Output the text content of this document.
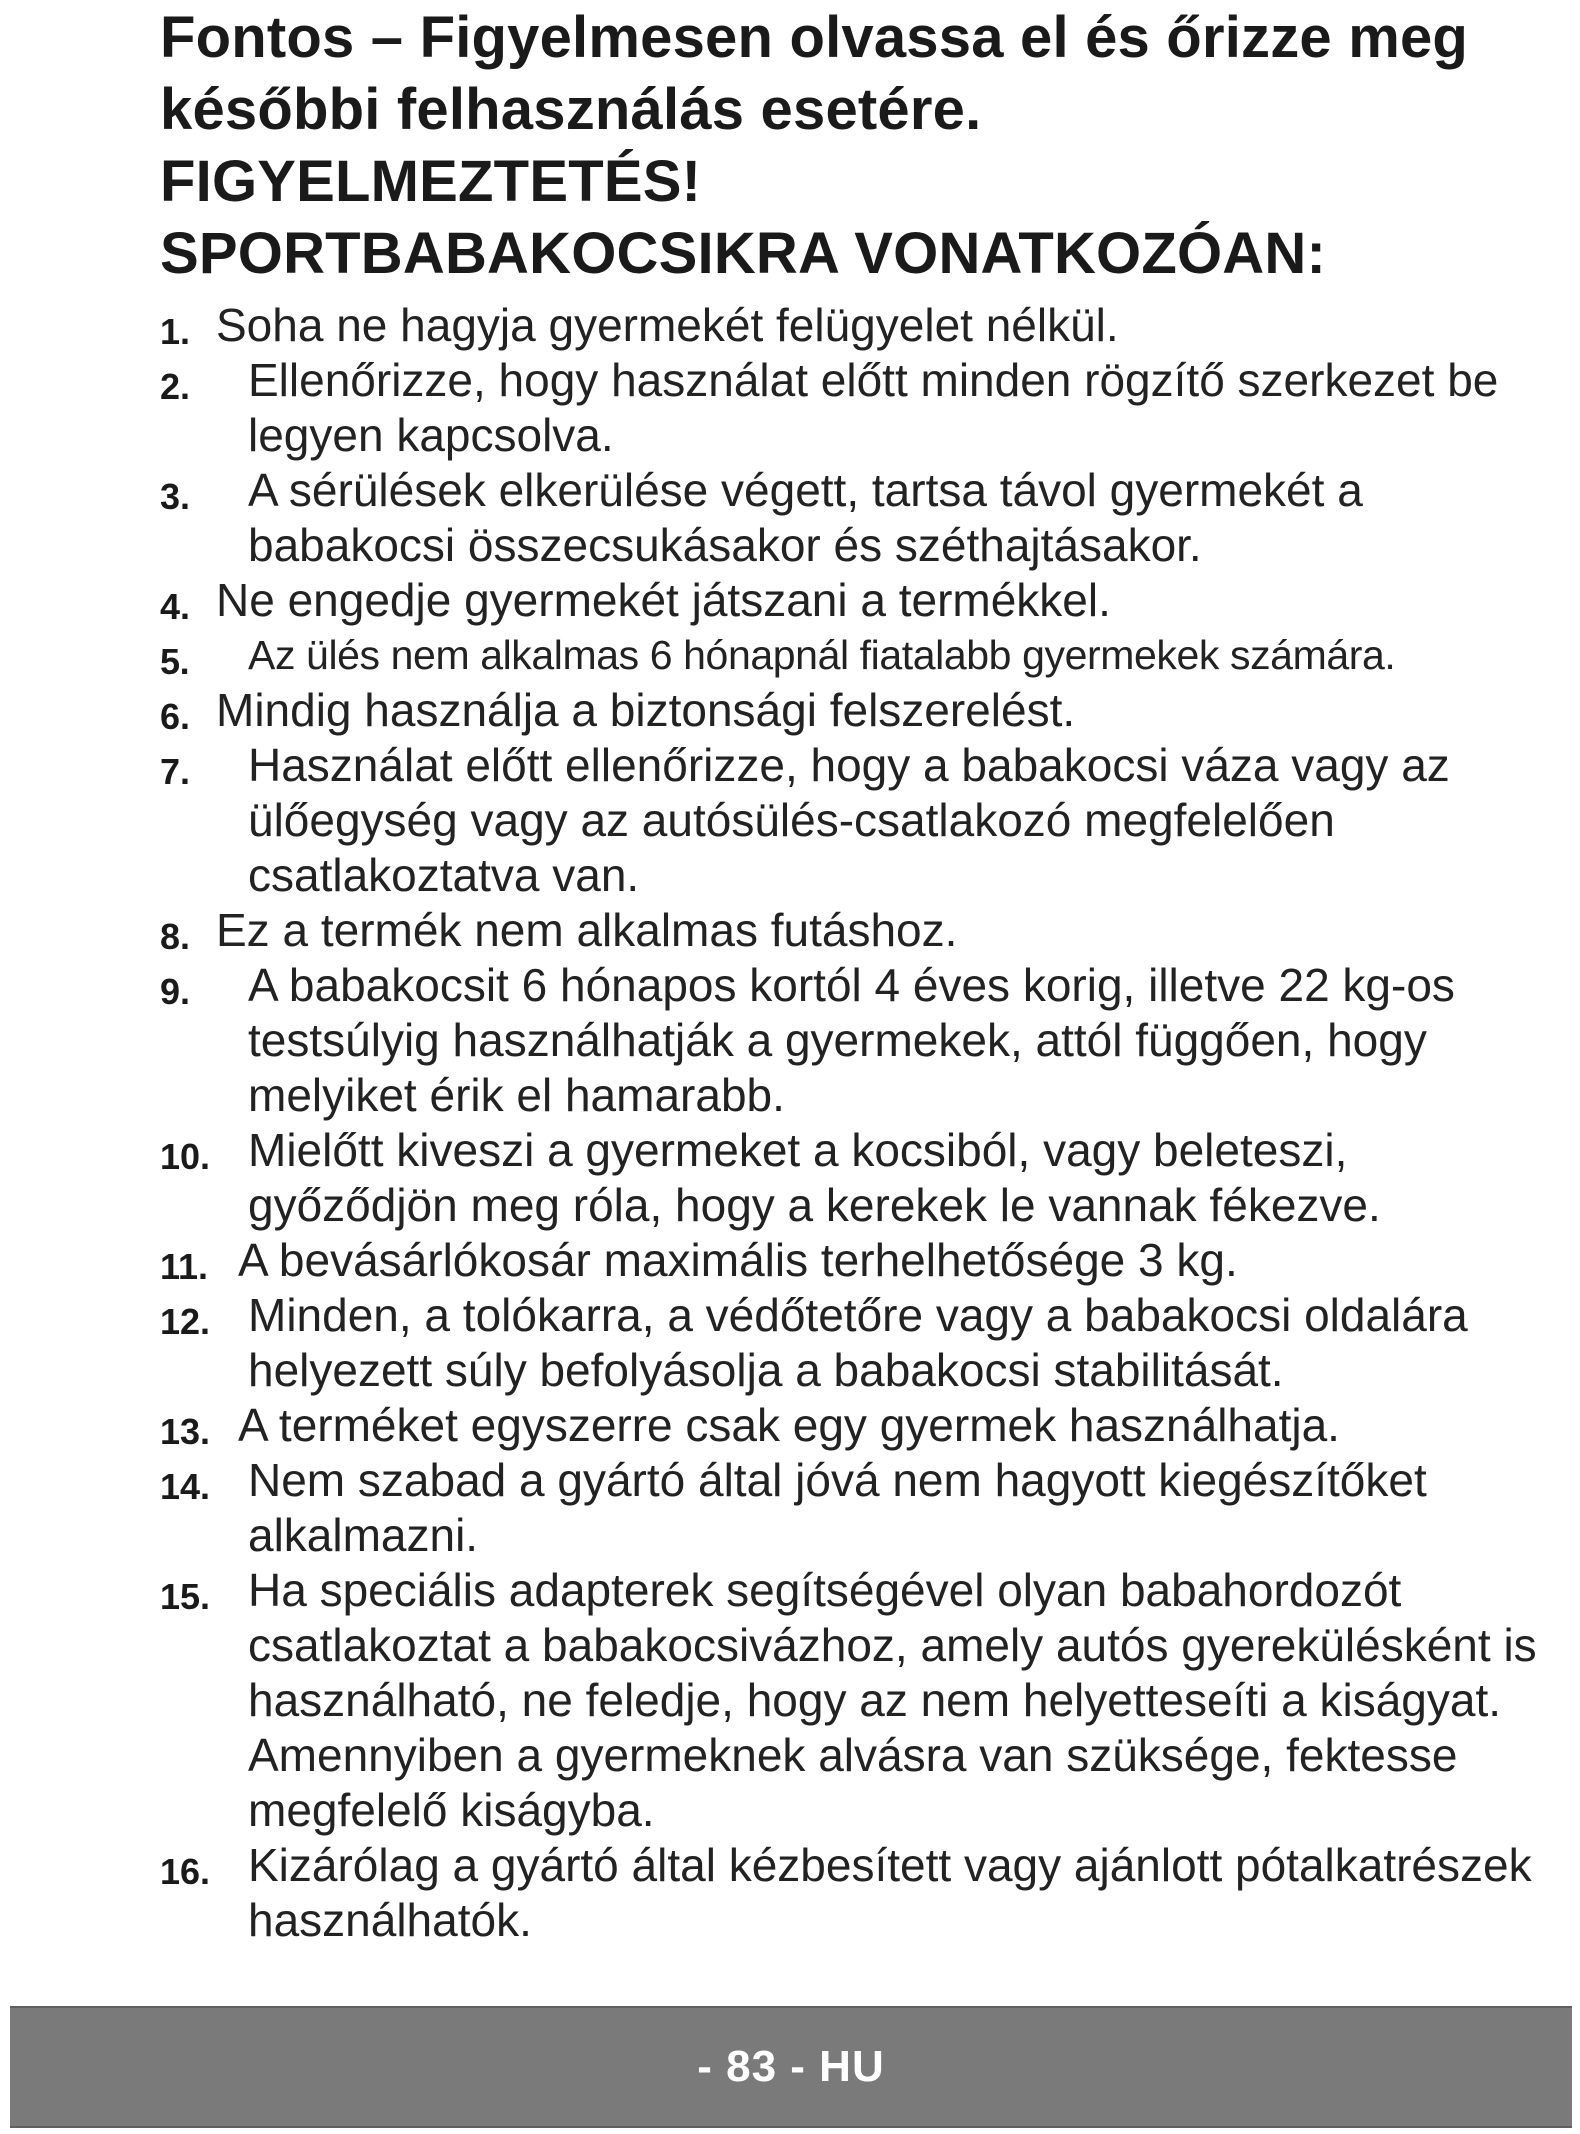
Fontos – Figyelmesen olvassa el és őrizze meg
későbbi felhasználás esetére.
FIGYELMEZTETÉS!
SPORTBABAKOCSIKRA VONATKOZÓAN:
1. Soha ne hagyja gyermekét felügyelet nélkül.
2. Ellenőrizze, hogy használat előtt minden rögzítő szerkezet be legyen kapcsolva.
3. A sérülések elkerülése végett, tartsa távol gyermekét a babakocsi összecsukásakor és széthajtásakor.
4. Ne engedje gyermekét játszani a termékkel.
5. Az ülés nem alkalmas 6 hónapnál fiatalabb gyermekek számára.
6. Mindig használja a biztonsági felszerelést.
7. Használat előtt ellenőrizze, hogy a babakocsi váza vagy az ülőegység vagy az autósülés-csatlakozó megfelelően csatlakoztatva van.
8. Ez a termék nem alkalmas futáshoz.
9. A babakocsit 6 hónapos kortól 4 éves korig, illetve 22 kg-os testsúlyig használhatják a gyermekek, attól függően, hogy melyiket érik el hamarabb.
10. Mielőtt kiveszi a gyermeket a kocsiból, vagy beleteszi, győződjön meg róla, hogy a kerekek le vannak fékezve.
11. A bevásárlókosár maximális terhelhetősége 3 kg.
12. Minden, a tolókarra, a védőtetőre vagy a babakocsi oldalára helyezett súly befolyásolja a babakocsi stabilitását.
13. A terméket egyszerre csak egy gyermek használhatja.
14. Nem szabad a gyártó által jóvá nem hagyott kiegészítőket alkalmazni.
15. Ha speciális adapterek segítségével olyan babahordozót csatlakoztat a babakocsivázhoz, amely autós gyerekülésként is használható, ne feledje, hogy az nem helyetteseíti a kiságyat. Amennyiben a gyermeknek alvásra van szüksége, fektesse megfelelő kiságyba.
16. Kizárólag a gyártó által kézbesített vagy ajánlott pótalkatrészek használhatók.
- 83 - HU
